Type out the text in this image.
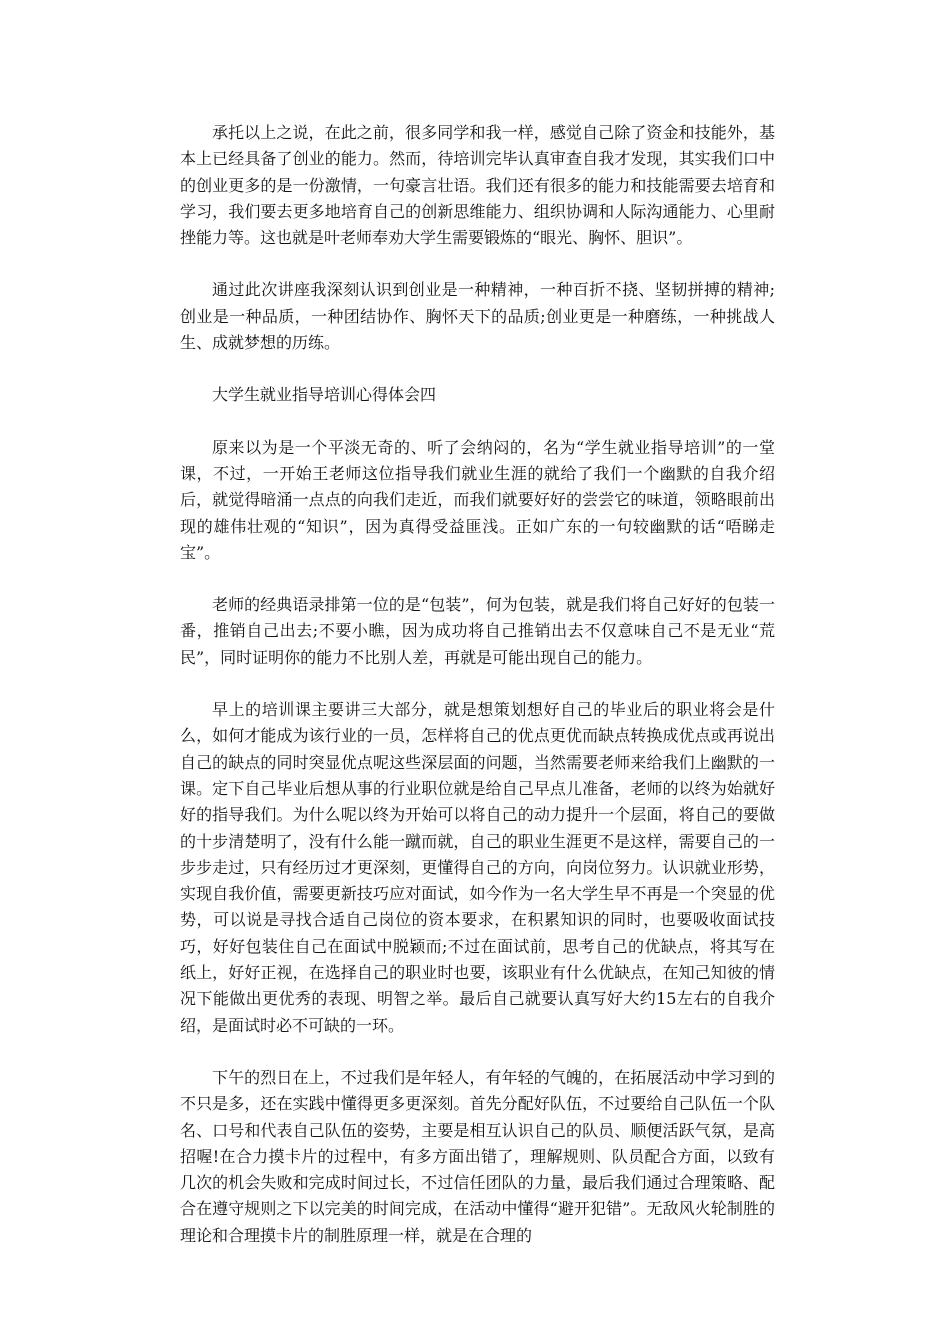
承托以上之说，在此之前，很多同学和我一样，感觉自己除了资金和技能外，基本上已经具备了创业的能力。然而，待培训完毕认真审查自我才发现，其实我们口中的创业更多的是一份激情，一句豪言壮语。我们还有很多的能力和技能需要去培育和学习，我们要去更多地培育自己的创新思维能力、组织协调和人际沟通能力、心里耐挫能力等。这也就是叶老师奉劝大学生需要锻炼的“眼光、胸怀、胆识”。

通过此次讲座我深刻认识到创业是一种精神，一种百折不挠、坚韧拼搏的精神;创业是一种品质，一种团结协作、胸怀天下的品质;创业更是一种磨练，一种挑战人生、成就梦想的历练。

大学生就业指导培训心得体会四

原来以为是一个平淡无奇的、听了会纳闷的，名为“学生就业指导培训”的一堂课，不过，一开始王老师这位指导我们就业生涯的就给了我们一个幽默的自我介绍后，就觉得暗涌一点点的向我们走近，而我们就要好好的尝尝它的味道，领略眼前出现的雄伟壮观的“知识”，因为真得受益匪浅。正如广东的一句较幽默的话“唔睇走宝”。

老师的经典语录排第一位的是“包装”，何为包装，就是我们将自己好好的包装一番，推销自己出去;不要小瞧，因为成功将自己推销出去不仅意味自己不是无业“荒民”，同时证明你的能力不比别人差，再就是可能出现自己的能力。

早上的培训课主要讲三大部分，就是想策划想好自己的毕业后的职业将会是什么，如何才能成为该行业的一员，怎样将自己的优点更优而缺点转换成优点或再说出自己的缺点的同时突显优点呢这些深层面的问题，当然需要老师来给我们上幽默的一课。定下自己毕业后想从事的行业职位就是给自己早点儿准备，老师的以终为始就好好的指导我们。为什么呢以终为开始可以将自己的动力提升一个层面，将自己的要做的十步清楚明了，没有什么能一蹴而就，自己的职业生涯更不是这样，需要自己的一步步走过，只有经历过才更深刻，更懂得自己的方向，向岗位努力。认识就业形势，实现自我价值，需要更新技巧应对面试，如今作为一名大学生早不再是一个突显的优势，可以说是寻找合适自己岗位的资本要求，在积累知识的同时，也要吸收面试技巧，好好包装住自己在面试中脱颖而;不过在面试前，思考自己的优缺点，将其写在纸上，好好正视，在选择自己的职业时也要，该职业有什么优缺点，在知己知彼的情况下能做出更优秀的表现、明智之举。最后自己就要认真写好大约15左右的自我介绍，是面试时必不可缺的一环。

下午的烈日在上，不过我们是年轻人，有年轻的气魄的，在拓展活动中学习到的不只是多，还在实践中懂得更多更深刻。首先分配好队伍，不过要给自己队伍一个队名、口号和代表自己队伍的姿势，主要是相互认识自己的队员、顺便活跃气氛，是高招喔!在合力摸卡片的过程中，有多方面出错了，理解规则、队员配合方面，以致有几次的机会失败和完成时间过长，不过信任团队的力量，最后我们通过合理策略、配合在遵守规则之下以完美的时间完成，在活动中懂得“避开犯错”。无敌风火轮制胜的理论和合理摸卡片的制胜原理一样，就是在合理的
